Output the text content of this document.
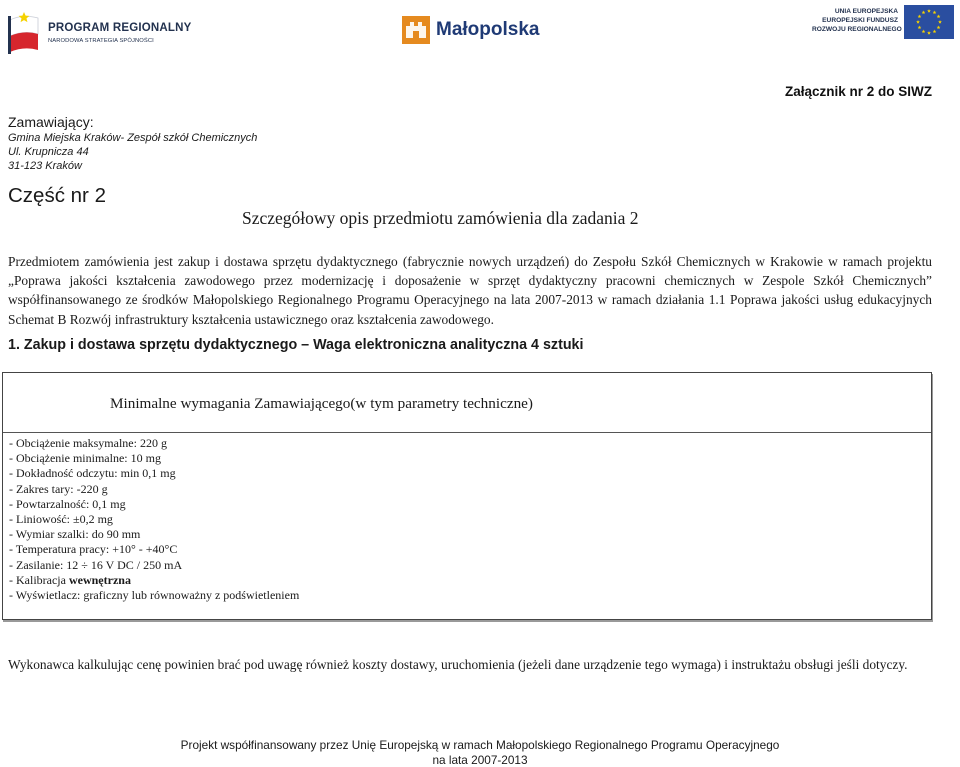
PROGRAM REGIONALNY
NARODOWA STRATEGIA SPÓJNOŚCI
Małopolska
UNIA EUROPEJSKA
EUROPEJSKI FUNDUSZ
ROZWOJU REGIONALNEGO
Załącznik nr 2 do SIWZ
Zamawiający:
Gmina Miejska Kraków- Zespół szkół Chemicznych
Ul. Krupnicza 44
31-123 Kraków
Część nr 2
Szczegółowy opis przedmiotu zamówienia dla zadania 2
Przedmiotem zamówienia jest zakup i dostawa sprzętu dydaktycznego (fabrycznie nowych urządzeń) do Zespołu Szkół Chemicznych w Krakowie w ramach projektu „Poprawa jakości kształcenia zawodowego przez modernizację i doposażenie w sprzęt dydaktyczny pracowni chemicznych w Zespole Szkół Chemicznych” współfinansowanego ze środków Małopolskiego Regionalnego Programu Operacyjnego na lata 2007-2013 w ramach działania 1.1 Poprawa jakości usług edukacyjnych Schemat B Rozwój infrastruktury kształcenia ustawicznego oraz kształcenia zawodowego.
1. Zakup i dostawa sprzętu dydaktycznego – Waga elektroniczna analityczna 4 sztuki
Minimalne wymagania Zamawiającego(w tym parametry techniczne)
- Obciążenie maksymalne: 220 g
- Obciążenie minimalne: 10 mg
- Dokładność odczytu: min 0,1 mg
- Zakres tary: -220 g
- Powtarzalność: 0,1 mg
- Liniowość: ±0,2 mg
- Wymiar szalki: do 90 mm
- Temperatura pracy: +10° - +40°C
- Zasilanie: 12 ÷ 16 V DC / 250 mA
- Kalibracja wewnętrzna
- Wyświetlacz: graficzny lub równoważny z podświetleniem
Wykonawca kalkulując cenę powinien brać pod uwagę również koszty dostawy, uruchomienia (jeżeli dane urządzenie tego wymaga) i instruktażu obsługi jeśli dotyczy.
Projekt współfinansowany przez Unię Europejską w ramach Małopolskiego Regionalnego Programu Operacyjnego
na lata 2007-2013
